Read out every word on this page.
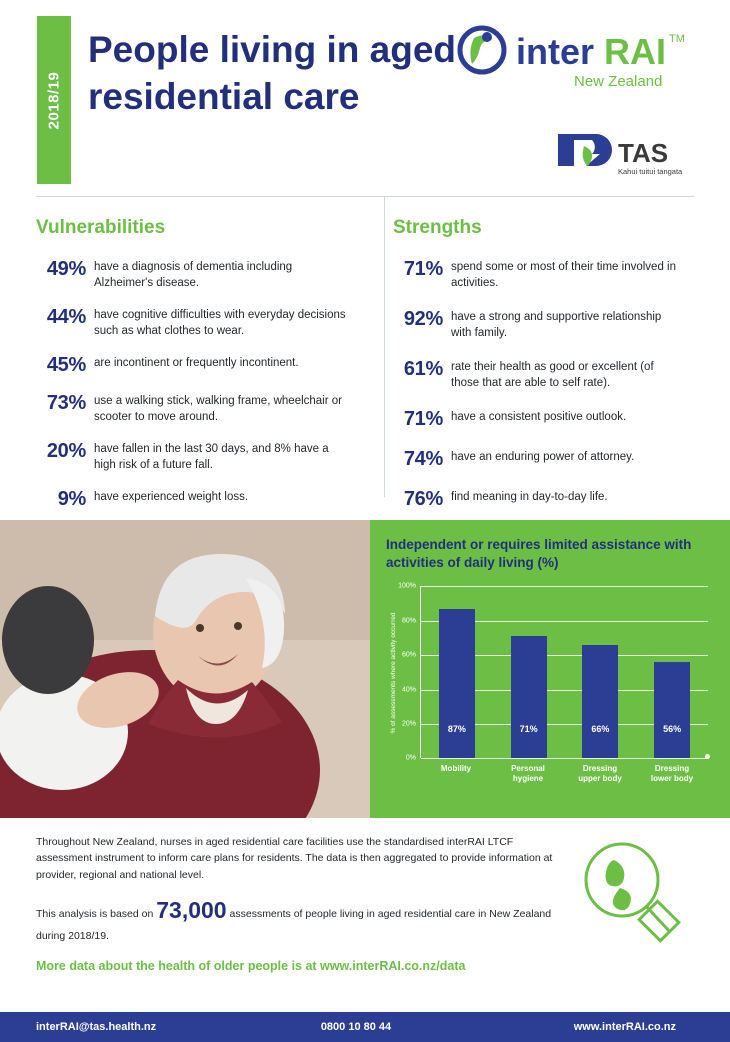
2018/19
People living in aged residential care
inter RAI TM
New Zealand
TAS
Kahui tuitui tangata
Vulnerabilities
49% have a diagnosis of dementia including Alzheimer's disease.
44% have cognitive difficulties with everyday decisions such as what clothes to wear.
45% are incontinent or frequently incontinent.
73% use a walking stick, walking frame, wheelchair or scooter to move around.
20% have fallen in the last 30 days, and 8% have a high risk of a future fall.
9% have experienced weight loss.
Strengths
71% spend some or most of their time involved in activities.
92% have a strong and supportive relationship with family.
61% rate their health as good or excellent (of those that are able to self rate).
71% have a consistent positive outlook.
74% have an enduring power of attorney.
76% find meaning in day-to-day life.
Independent or requires limited assistance with activities of daily living (%)
% of assessments where activity occurred
100%
80%
60%
40%
20%
0%
87%	71%	66%	56%
Mobility	Personal hygiene
Dressing upper body
Dressing lower body
Throughout New Zealand, nurses in aged residential care facilities use the standardised interRAI LTCF assessment instrument to inform care plans for residents. The data is then aggregated to provide information at provider, regional and national level.
This analysis is based on 73,000 assessments of people living in aged residential care in New Zealand during 2018/19.
More data about the health of older people is at www.interRAI.co.nz/data
interRAI@tas.health.nz	0800 10 80 44	www.interRAI.co.nz
